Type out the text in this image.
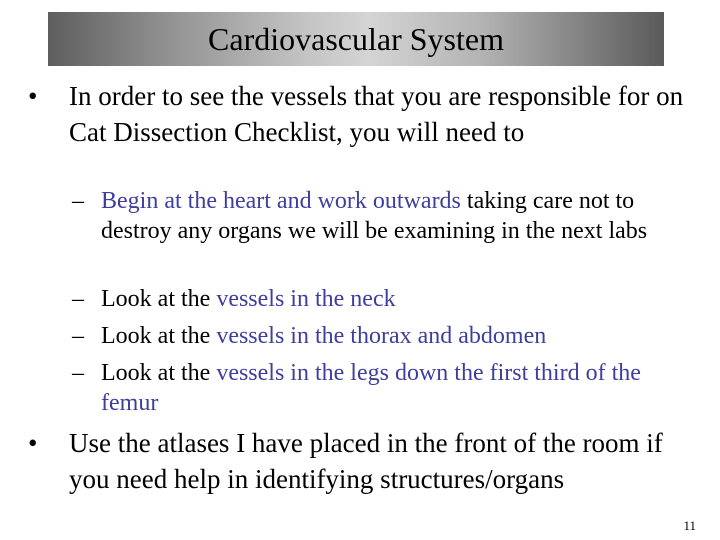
Cardiovascular System
•	In order to see the vessels that you are responsible for on Cat Dissection Checklist, you will need to
– Begin at the heart and work outwards taking care not to destroy any organs we will be examining in the next labs
– Look at the vessels in the neck
– Look at the vessels in the thorax and abdomen
– Look at the vessels in the legs down the first third of the femur
•	Use the atlases I have placed in the front of the room if you need help in identifying structures/organs
11
